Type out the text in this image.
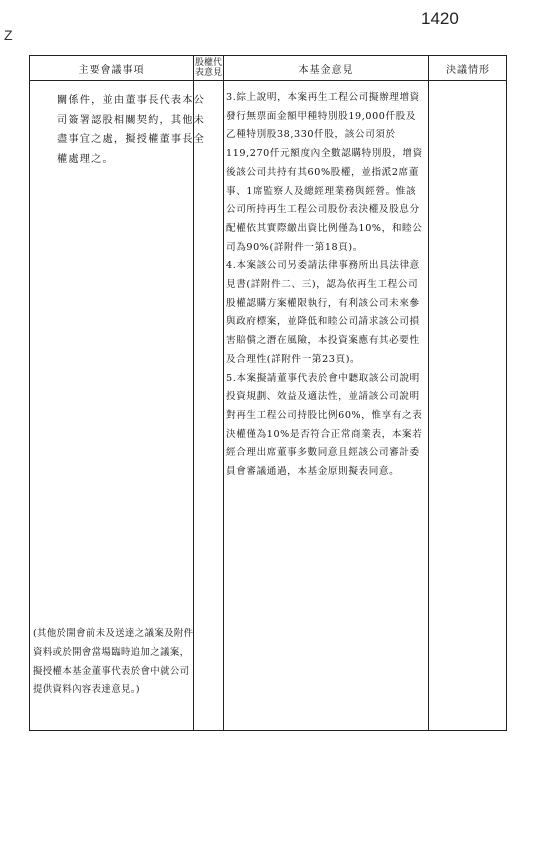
1420
Z
主要會議事項
股權代表意見	本基金意見	決議情形
關係件，並由董事長代表本公司簽署認股相關契約，其他未盡事宜之處，擬授權董事長全權處理之。

3.綜上說明，本案再生工程公司擬辦理增資發行無票面金額甲種特別股19,000仟股及乙種特別股38,330仟股，該公司須於119,270仟元額度內全數認購特別股，增資後該公司共持有其60%股權，並指派2席董事、1席監察人及總經理業務與經營。惟該公司所持再生工程公司股份表決權及股息分配權依其實際繳出資比例僅為10%，和睦公司為90%(詳附件一第18頁)。

4.本案該公司另委請法律事務所出具法律意見書(詳附件二、三)，認為依再生工程公司股權認購方案權限執行，有利該公司未來參與政府標案，並降低和睦公司請求該公司損害賠償之潛在風險，本投資案應有其必要性及合理性(詳附件一第23頁)。

5.本案擬請董事代表於會中聽取該公司說明投資規劃、效益及適法性，並請該公司說明對再生工程公司持股比例60%，惟享有之表決權僅為10%是否符合正常商業表，本案若經合理出席董事多數同意且經該公司審計委員會審議通過，本基金原則擬表同意。

(其他於開會前未及送達之議案及附件資料或於開會當場臨時追加之議案，擬授權本基金董事代表於會中就公司提供資料內容表達意見。)
